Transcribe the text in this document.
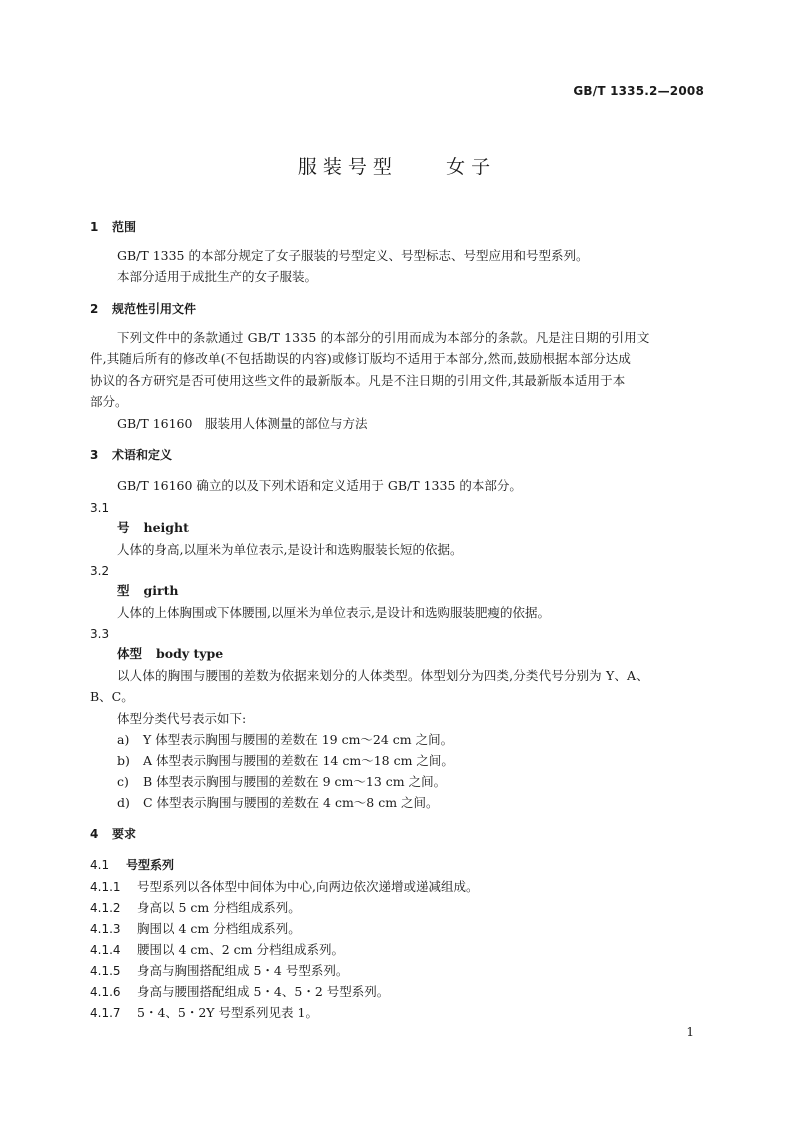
GB/T 1335.2—2008
服装号型    女子
1 范围
GB/T 1335 的本部分规定了女子服装的号型定义、号型标志、号型应用和号型系列。
本部分适用于成批生产的女子服装。
2 规范性引用文件
下列文件中的条款通过 GB/T 1335 的本部分的引用而成为本部分的条款。凡是注日期的引用文
件,其随后所有的修改单(不包括勘误的内容)或修订版均不适用于本部分,然而,鼓励根据本部分达成
协议的各方研究是否可使用这些文件的最新版本。凡是不注日期的引用文件,其最新版本适用于本
部分。
GB/T 16160　服装用人体测量的部位与方法
3 术语和定义
GB/T 16160 确立的以及下列术语和定义适用于 GB/T 1335 的本部分。
3.1
号 height
人体的身高,以厘米为单位表示,是设计和选购服装长短的依据。
3.2
型 girth
人体的上体胸围或下体腰围,以厘米为单位表示,是设计和选购服装肥瘦的依据。
3.3
体型 body type
以人体的胸围与腰围的差数为依据来划分的人体类型。体型划分为四类,分类代号分别为 Y、A、
B、C。
体型分类代号表示如下:
a) Y 体型表示胸围与腰围的差数在 19 cm～24 cm 之间。
b) A 体型表示胸围与腰围的差数在 14 cm～18 cm 之间。
c) B 体型表示胸围与腰围的差数在 9 cm～13 cm 之间。
d) C 体型表示胸围与腰围的差数在 4 cm～8 cm 之间。
4 要求
4.1 号型系列
4.1.1 号型系列以各体型中间体为中心,向两边依次递增或递减组成。
4.1.2 身高以 5 cm 分档组成系列。
4.1.3 胸围以 4 cm 分档组成系列。
4.1.4 腰围以 4 cm、2 cm 分档组成系列。
4.1.5 身高与胸围搭配组成 5・4 号型系列。
4.1.6 身高与腰围搭配组成 5・4、5・2 号型系列。
4.1.7 5・4、5・2Y 号型系列见表 1。
1
